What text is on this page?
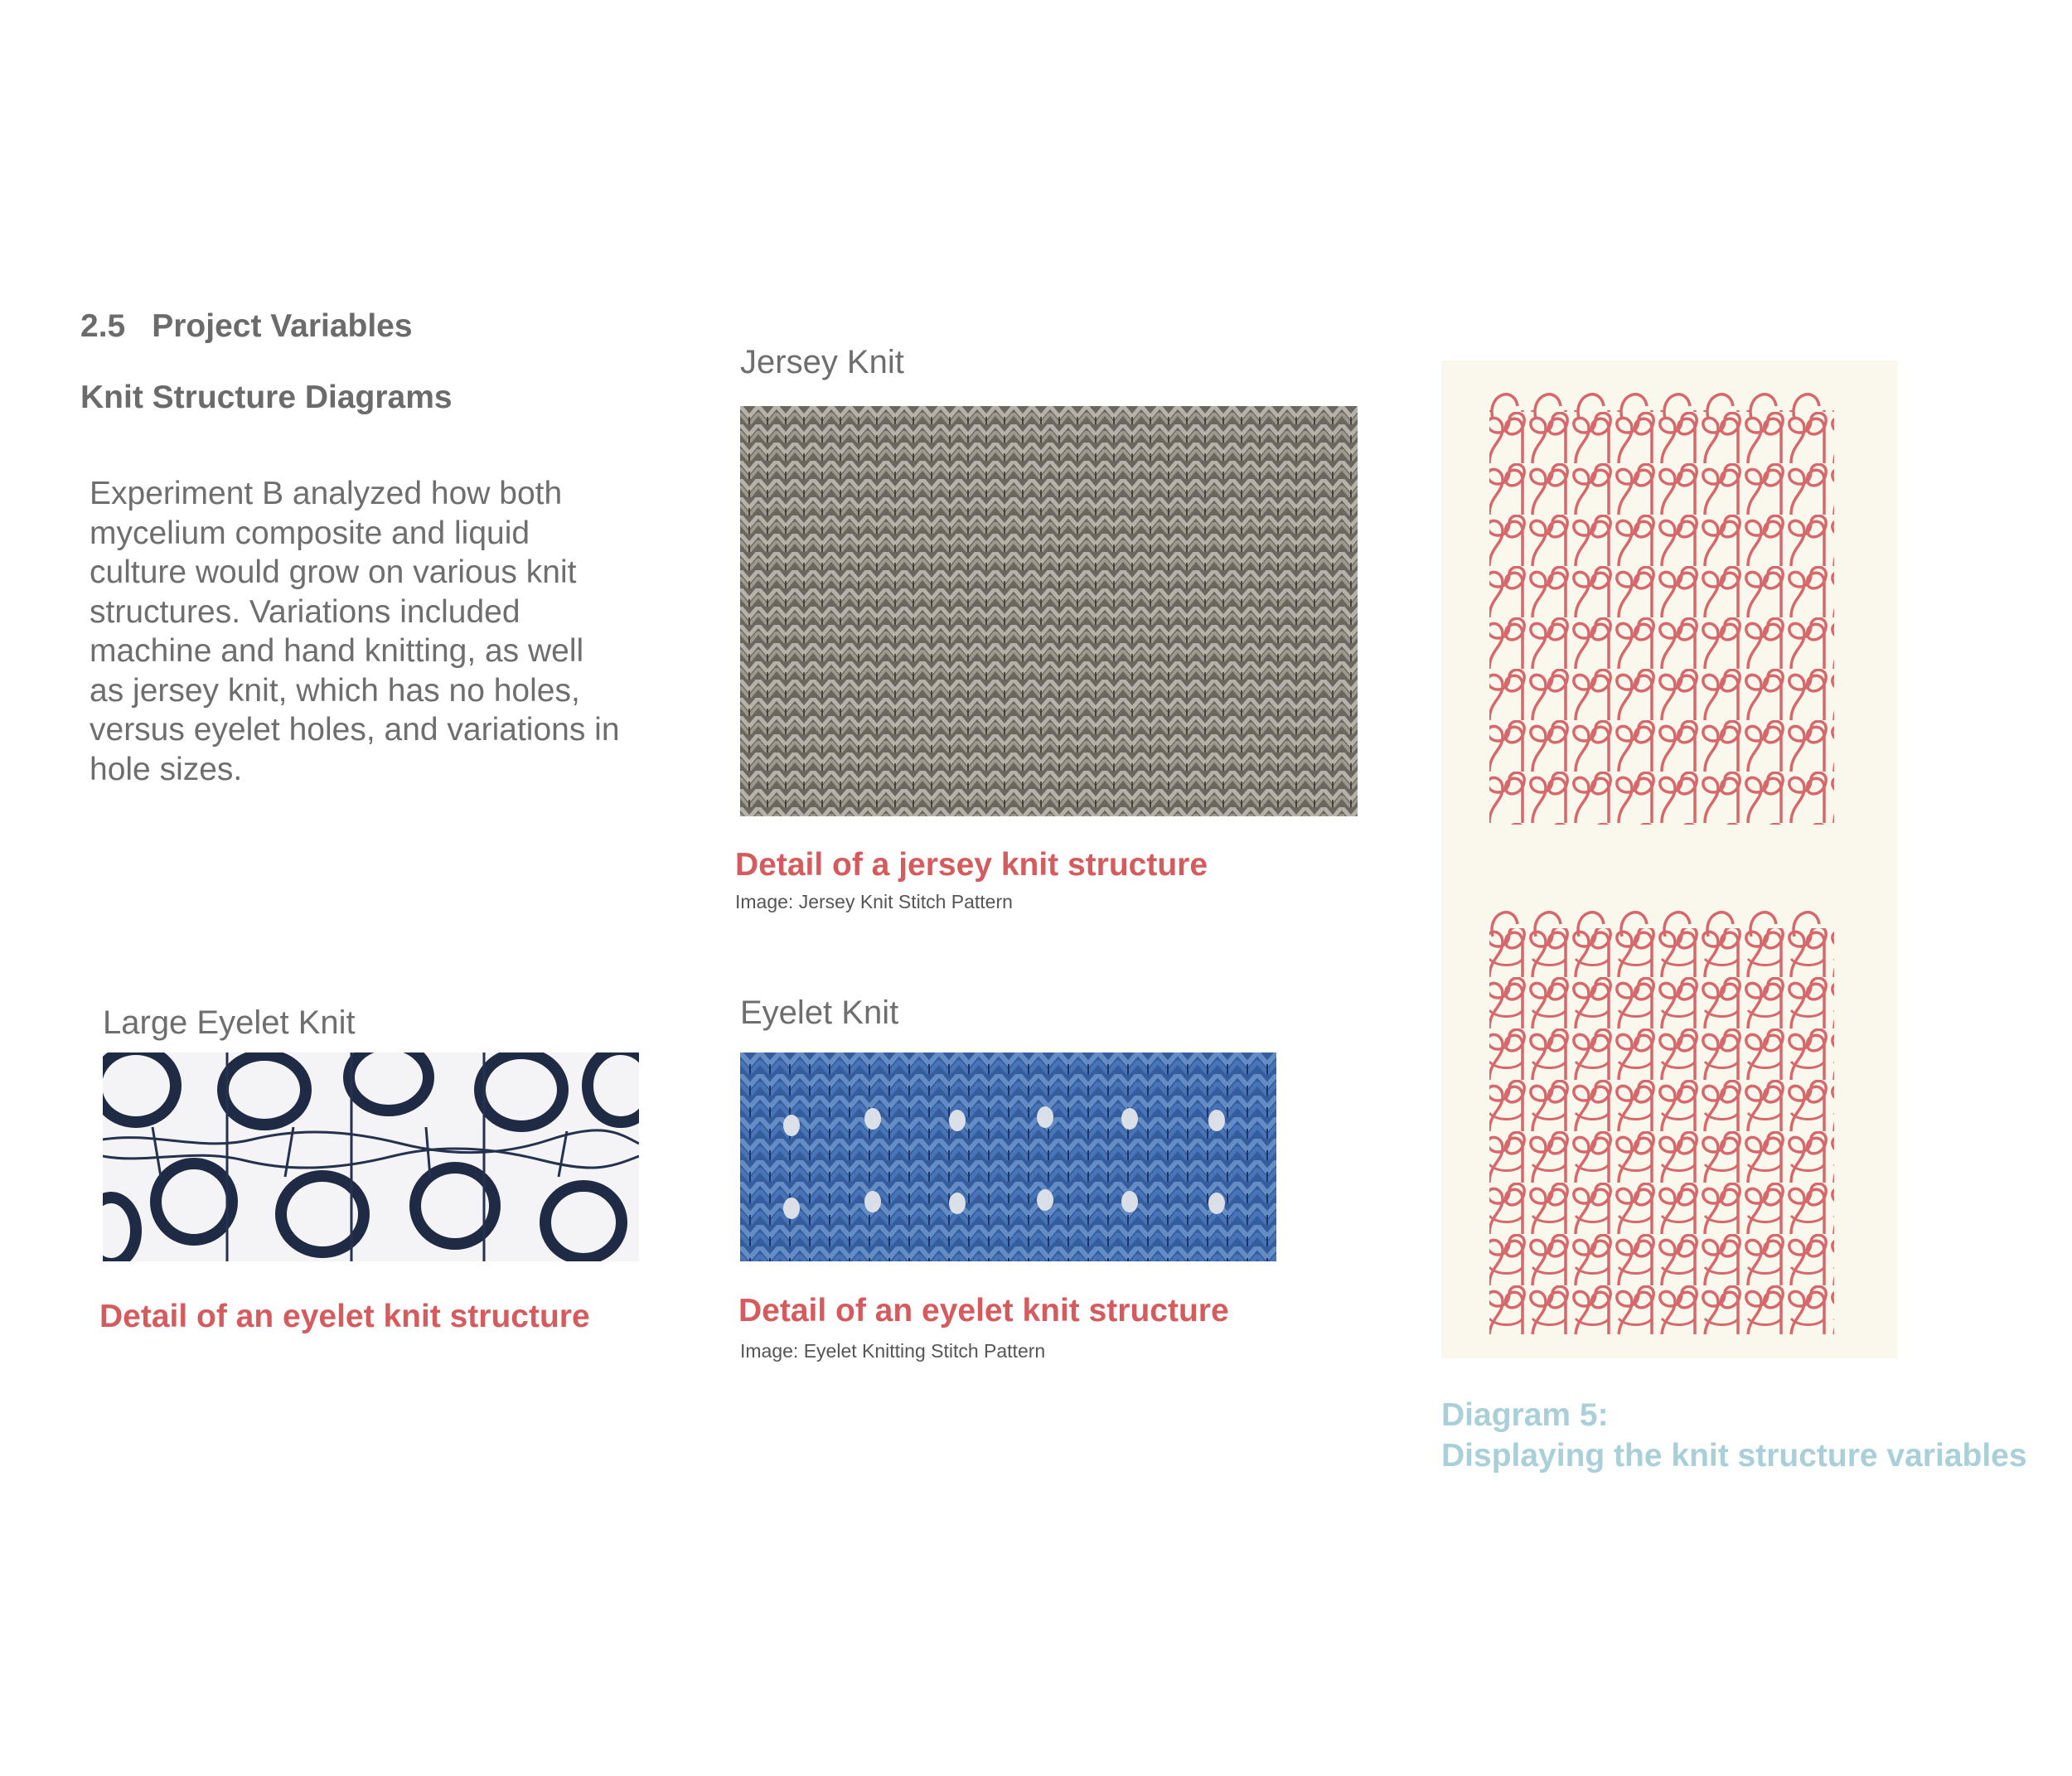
2.5 Project Variables
Knit Structure Diagrams
Experiment B analyzed how both mycelium composite and liquid culture would grow on various knit structures. Variations included machine and hand knitting, as well as jersey knit, which has no holes, versus eyelet holes, and variations in hole sizes.
Jersey Knit
Detail of a jersey knit structure
Image: Jersey Knit Stitch Pattern
Large Eyelet Knit
Detail of an eyelet knit structure
Eyelet Knit
Detail of an eyelet knit structure
Image: Eyelet Knitting Stitch Pattern
Diagram 5:
Displaying the knit structure variables
